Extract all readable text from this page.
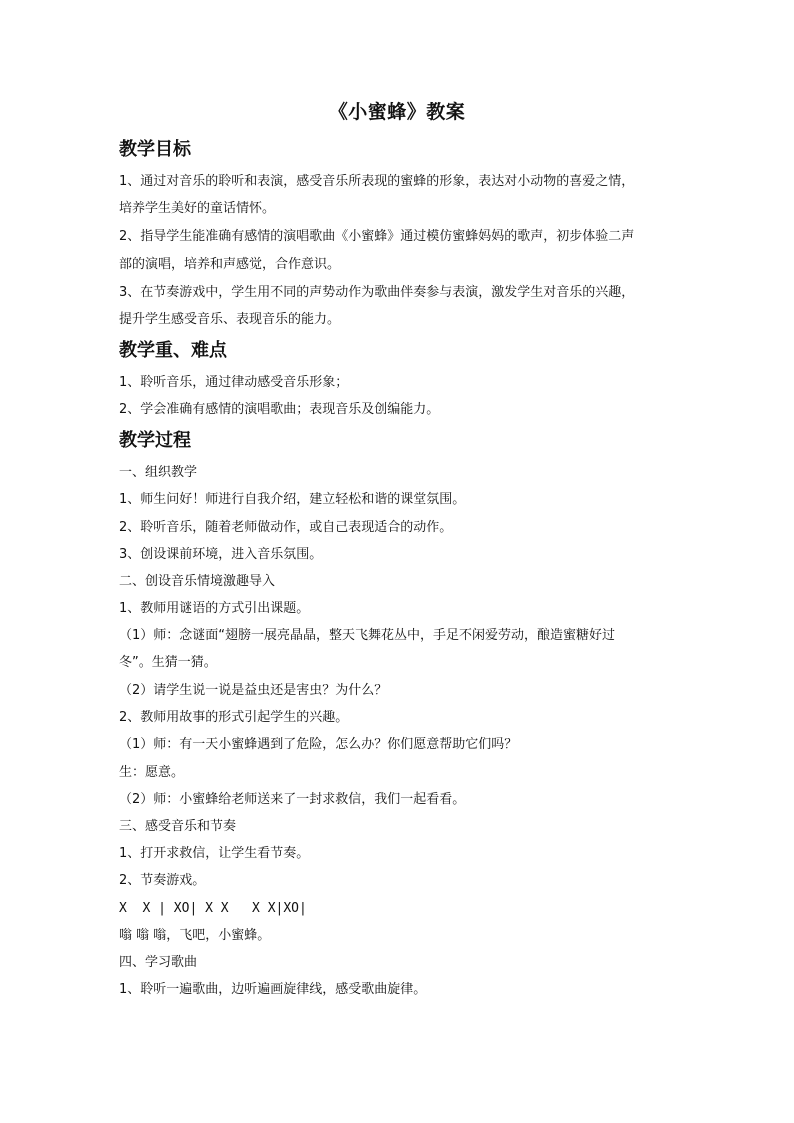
《小蜜蜂》教案
教学目标
1、通过对音乐的聆听和表演，感受音乐所表现的蜜蜂的形象，表达对小动物的喜爱之情，
培养学生美好的童话情怀。
2、指导学生能准确有感情的演唱歌曲《小蜜蜂》通过模仿蜜蜂妈妈的歌声，初步体验二声
部的演唱，培养和声感觉，合作意识。
3、在节奏游戏中，学生用不同的声势动作为歌曲伴奏参与表演，激发学生对音乐的兴趣，
提升学生感受音乐、表现音乐的能力。
教学重、难点
1、聆听音乐，通过律动感受音乐形象；
2、学会准确有感情的演唱歌曲；表现音乐及创编能力。
教学过程
一、组织教学
1、师生问好！师进行自我介绍，建立轻松和谐的课堂氛围。
2、聆听音乐，随着老师做动作，或自己表现适合的动作。
3、创设课前环境，进入音乐氛围。
二、创设音乐情境激趣导入
1、教师用谜语的方式引出课题。
（1）师：念谜面“翅膀一展亮晶晶，整天飞舞花丛中，手足不闲爱劳动，酿造蜜糖好过
冬”。生猜一猜。
（2）请学生说一说是益虫还是害虫？为什么？
2、教师用故事的形式引起学生的兴趣。
（1）师：有一天小蜜蜂遇到了危险，怎么办？你们愿意帮助它们吗？
生：愿意。
（2）师：小蜜蜂给老师送来了一封求救信，我们一起看看。
三、感受音乐和节奏
1、打开求救信，让学生看节奏。
2、节奏游戏。
X  X | XO| X X   X X|XO|
嗡 嗡 嗡，飞吧，小蜜蜂。
四、学习歌曲
1、聆听一遍歌曲，边听遍画旋律线，感受歌曲旋律。
